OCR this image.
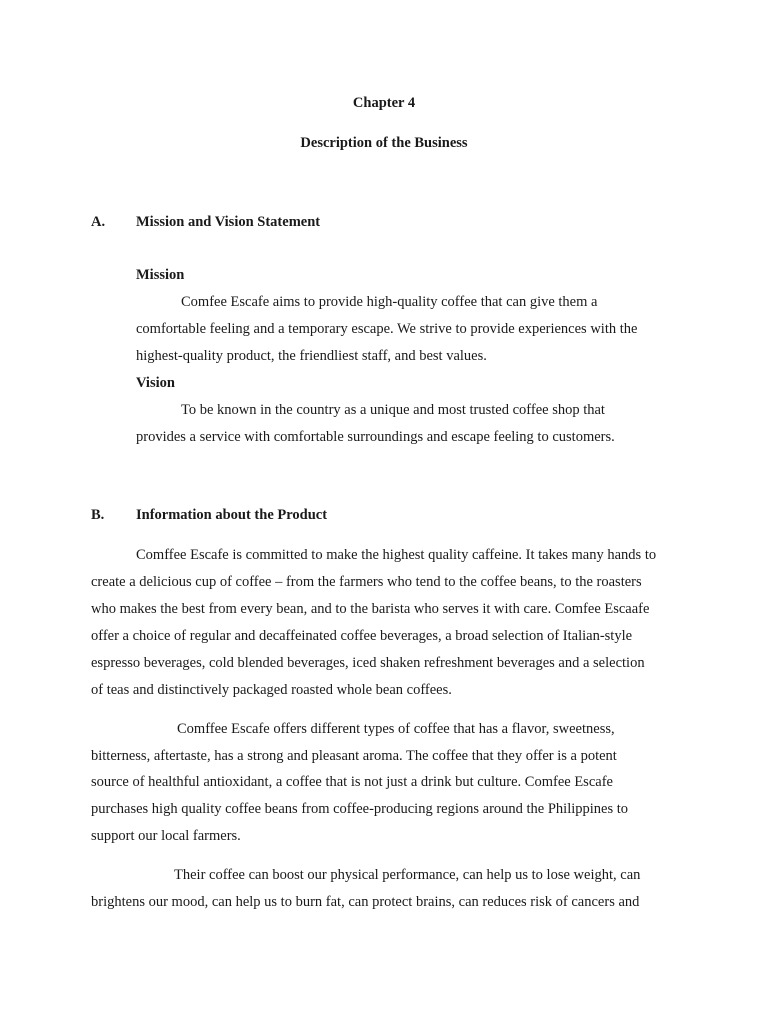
Chapter 4
Description of the Business
A. Mission and Vision Statement
Mission
Comfee Escafe aims to provide high-quality coffee that can give them a
comfortable feeling and a temporary escape. We strive to provide experiences with the
highest-quality product, the friendliest staff, and best values.
Vision
To be known in the country as a unique and most trusted coffee shop that
provides a service with comfortable surroundings and escape feeling to customers.
B. Information about the Product
Comffee Escafe is committed to make the highest quality caffeine. It takes many hands to
create a delicious cup of coffee – from the farmers who tend to the coffee beans, to the roasters
who makes the best from every bean, and to the barista who serves it with care. Comfee Escaafe
offer a choice of regular and decaffeinated coffee beverages, a broad selection of Italian-style
espresso beverages, cold blended beverages, iced shaken refreshment beverages and a selection
of teas and distinctively packaged roasted whole bean coffees.
Comffee Escafe offers different types of coffee that has a flavor, sweetness,
bitterness, aftertaste, has a strong and pleasant aroma. The coffee that they offer is a potent
source of healthful antioxidant, a coffee that is not just a drink but culture. Comfee Escafe
purchases high quality coffee beans from coffee-producing regions around the Philippines to
support our local farmers.
Their coffee can boost our physical performance, can help us to lose weight, can
brightens our mood, can help us to burn fat, can protect brains, can reduces risk of cancers and
